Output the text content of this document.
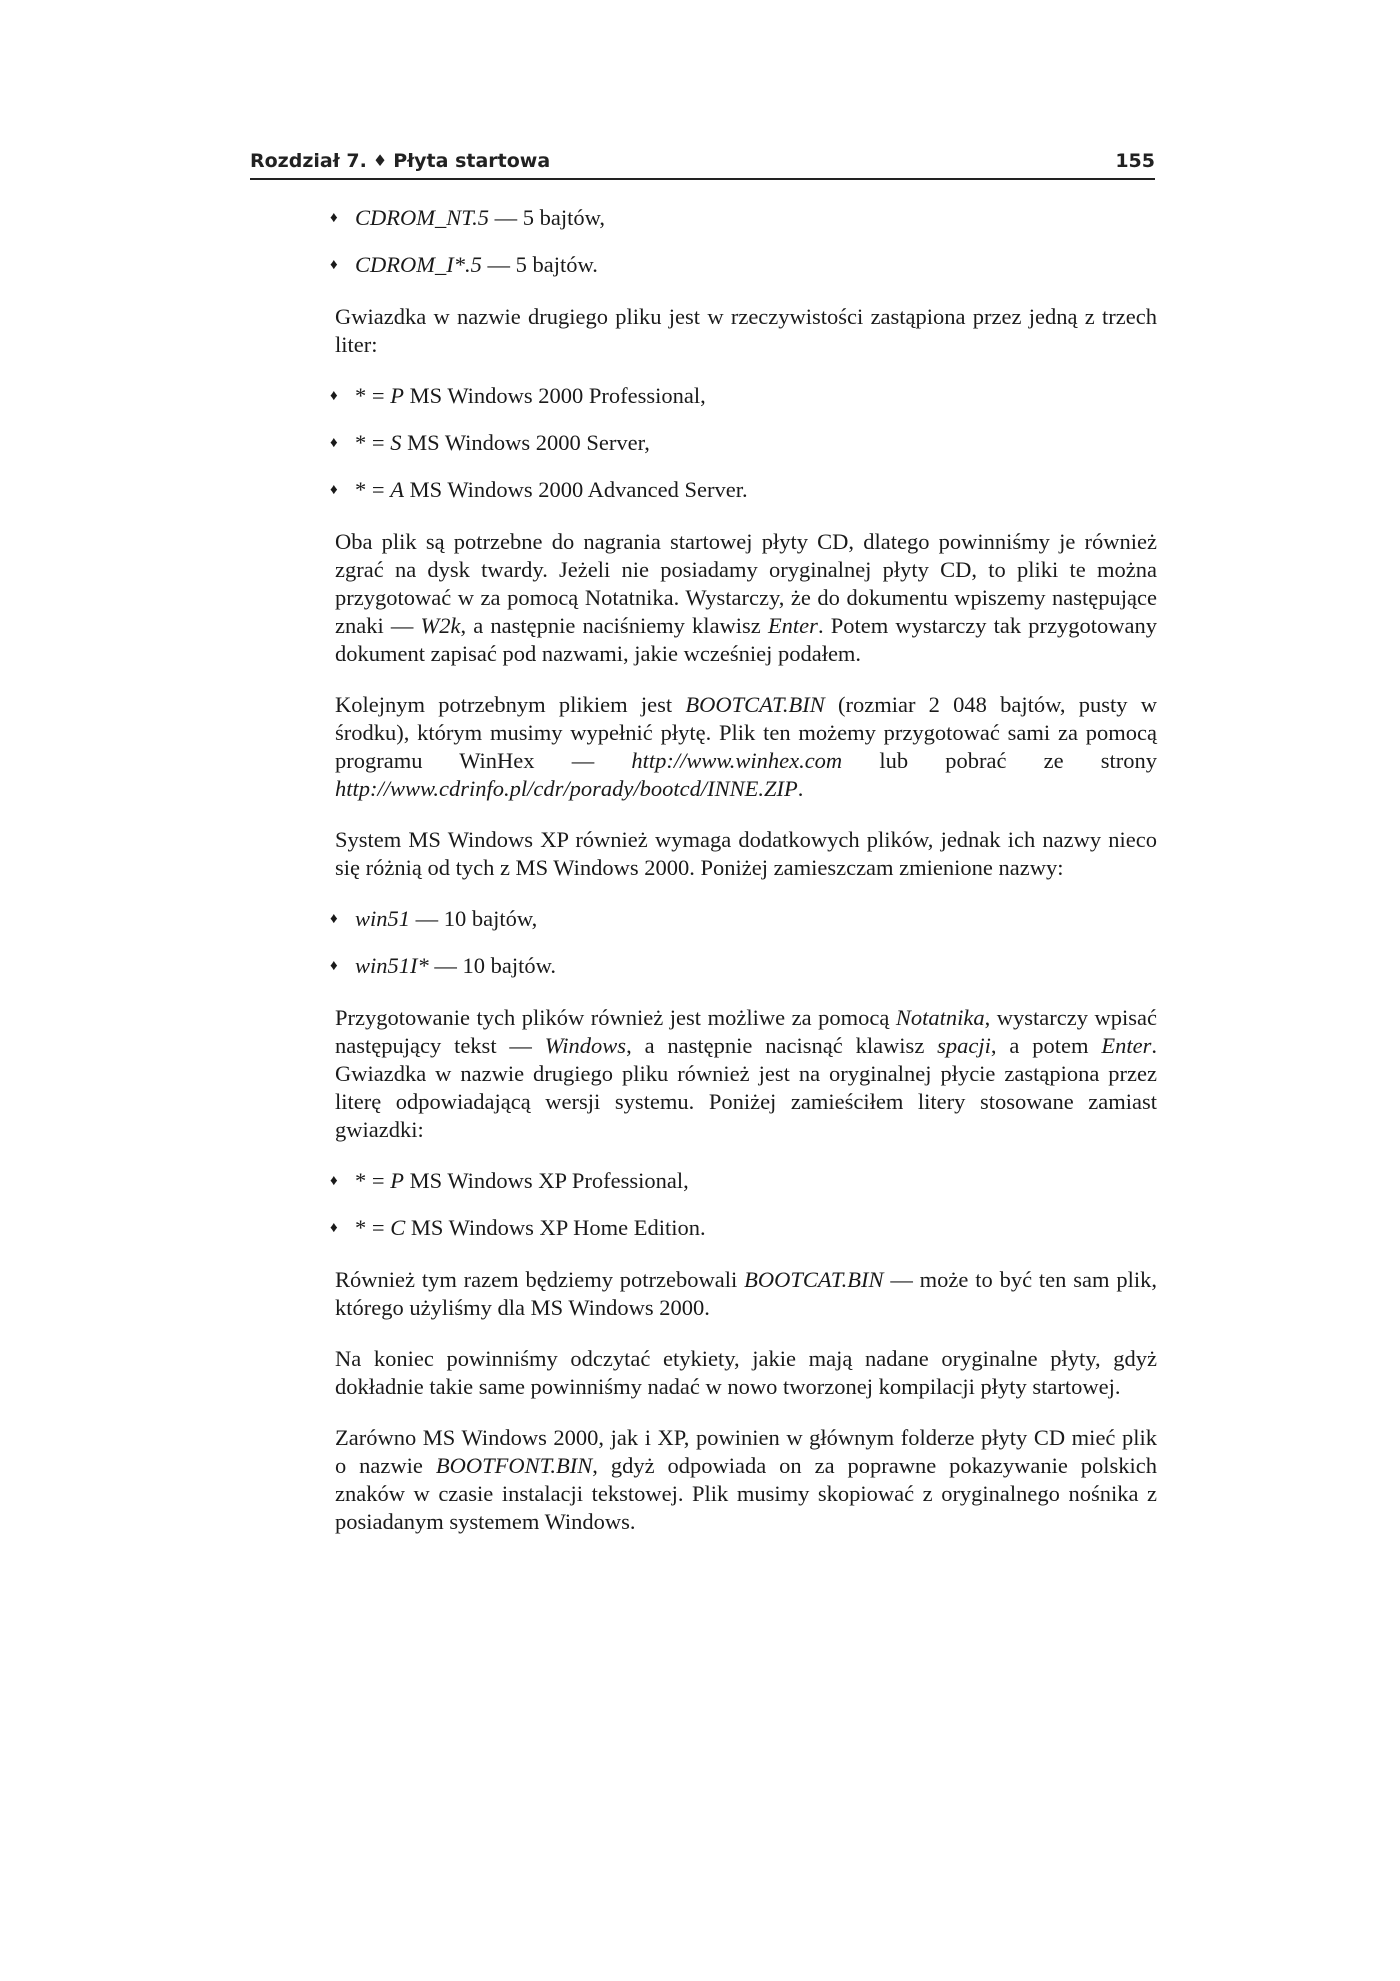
Rozdział 7. ♦ Płyta startowa	155
♦ CDROM_NT.5 — 5 bajtów,
♦ CDROM_I*.5 — 5 bajtów.

Gwiazdka w nazwie drugiego pliku jest w rzeczywistości zastąpiona przez jedną z trzech liter:

♦ * = P MS Windows 2000 Professional,
♦ * = S MS Windows 2000 Server,
♦ * = A MS Windows 2000 Advanced Server.

Oba plik są potrzebne do nagrania startowej płyty CD, dlatego powinniśmy je również zgrać na dysk twardy. Jeżeli nie posiadamy oryginalnej płyty CD, to pliki te można przygotować w za pomocą Notatnika. Wystarczy, że do dokumentu wpiszemy następujące znaki — W2k, a następnie naciśniemy klawisz Enter. Potem wystarczy tak przygotowany dokument zapisać pod nazwami, jakie wcześniej podałem.

Kolejnym potrzebnym plikiem jest BOOTCAT.BIN (rozmiar 2 048 bajtów, pusty w środku), którym musimy wypełnić płytę. Plik ten możemy przygotować sami za pomocą programu WinHex — http://www.winhex.com lub pobrać ze strony http://www.cdrinfo.pl/cdr/porady/bootcd/INNE.ZIP.

System MS Windows XP również wymaga dodatkowych plików, jednak ich nazwy nieco się różnią od tych z MS Windows 2000. Poniżej zamieszczam zmienione nazwy:

♦ win51 — 10 bajtów,
♦ win51I* — 10 bajtów.

Przygotowanie tych plików również jest możliwe za pomocą Notatnika, wystarczy wpisać następujący tekst — Windows, a następnie nacisnąć klawisz spacji, a potem Enter. Gwiazdka w nazwie drugiego pliku również jest na oryginalnej płycie zastąpiona przez literę odpowiadającą wersji systemu. Poniżej zamieściłem litery stosowane zamiast gwiazdki:

♦ * = P MS Windows XP Professional,
♦ * = C MS Windows XP Home Edition.

Również tym razem będziemy potrzebowali BOOTCAT.BIN — może to być ten sam plik, którego użyliśmy dla MS Windows 2000.

Na koniec powinniśmy odczytać etykiety, jakie mają nadane oryginalne płyty, gdyż dokładnie takie same powinniśmy nadać w nowo tworzonej kompilacji płyty startowej.

Zarówno MS Windows 2000, jak i XP, powinien w głównym folderze płyty CD mieć plik o nazwie BOOTFONT.BIN, gdyż odpowiada on za poprawne pokazywanie polskich znaków w czasie instalacji tekstowej. Plik musimy skopiować z oryginalnego nośnika z posiadanym systemem Windows.
